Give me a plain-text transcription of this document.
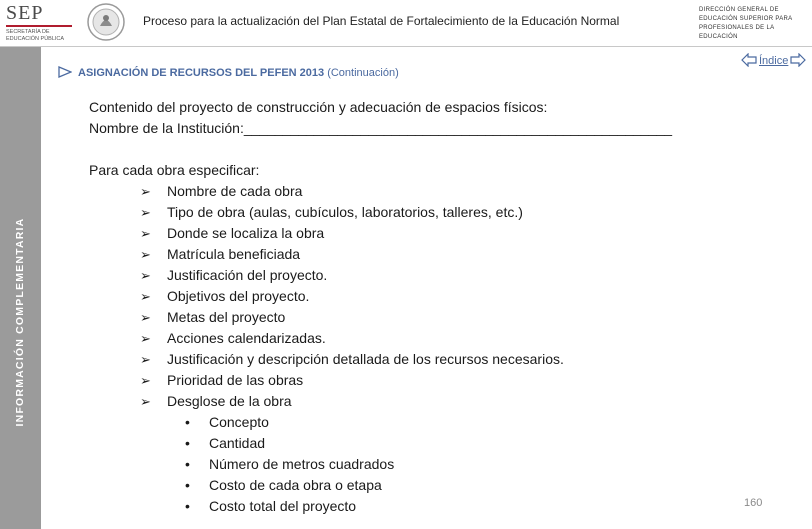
SEP
SECRETARÍA DE EDUCACIÓN PÚBLICA
Proceso para la actualización del Plan Estatal de Fortalecimiento de la Educación Normal
DIRECCIÓN GENERAL DE EDUCACIÓN SUPERIOR PARA PROFESIONALES DE LA EDUCACIÓN
INFORMACIÓN COMPLEMENTARIA
ASIGNACIÓN DE RECURSOS DEL PEFEN 2013 (Continuación)
Índice

Contenido del proyecto de construcción y adecuación de espacios físicos:

Nombre de la Institución:_______________________________________________________

Para cada obra especificar:

➢ Nombre de cada obra
➢ Tipo de obra (aulas, cubículos, laboratorios, talleres, etc.)
➢ Donde se localiza la obra
➢ Matrícula beneficiada
➢ Justificación del proyecto.
➢ Objetivos del proyecto.
➢ Metas del proyecto
➢ Acciones calendarizadas.
➢ Justificación y descripción detallada de los recursos necesarios.
➢ Prioridad de las obras
➢ Desglose de la obra
• Concepto
• Cantidad
• Número de metros cuadrados
• Costo de cada obra o etapa
• Costo total del proyecto	160
